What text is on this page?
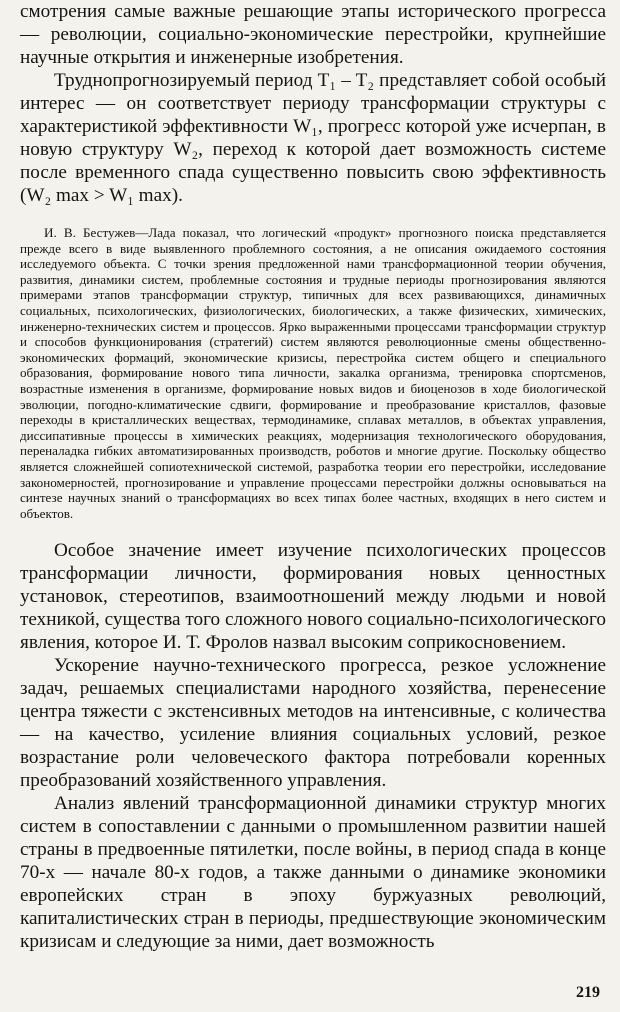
смотрения самые важные решающие этапы исторического прогресса — революции, социально-экономические перестройки, крупнейшие научные открытия и инженерные изобретения.

Труднопрогнозируемый период T₁ – T₂ представляет собой особый интерес — он соответствует периоду трансформации структуры с характеристикой эффективности W₁, прогресс которой уже исчерпан, в новую структуру W₂, переход к которой дает возможность системе после временного спада существенно повысить свою эффективность (W₂ max > W₁ max).

И. В. Бестужев—Лада показал, что логический «продукт» прогнозного поиска представляется прежде всего в виде выявленного проблемного состояния, а не описания ожидаемого состояния исследуемого объекта. С точки зрения предложенной нами трансформационной теории обучения, развития, динамики систем, проблемные состояния и трудные периоды прогнозирования являются примерами этапов трансформации структур, типичных для всех развивающихся, динамичных социальных, психологических, физиологических, биологических, а также физических, химических, инженерно-технических систем и процессов. Ярко выраженными процессами трансформации структур и способов функционирования (стратегий) систем являются революционные смены общественно-экономических формаций, экономические кризисы, перестройка систем общего и специального образования, формирование нового типа личности, закалка организма, тренировка спортсменов, возрастные изменения в организме, формирование новых видов и биоценозов в ходе биологической эволюции, погодно-климатические сдвиги, формирование и преобразование кристаллов, фазовые переходы в кристаллических веществах, термодинамике, сплавах металлов, в объектах управления, диссипативные процессы в химических реакциях, модернизация технологического оборудования, переналадка гибких автоматизированных производств, роботов и многие другие. Поскольку общество является сложнейшей сопиотехнической системой, разработка теории его перестройки, исследование закономерностей, прогнозирование и управление процессами перестройки должны основываться на синтезе научных знаний о трансформациях во всех типах более частных, входящих в него систем и объектов.

Особое значение имеет изучение психологических процессов трансформации личности, формирования новых ценностных установок, стереотипов, взаимоотношений между людьми и новой техникой, существа того сложного нового социально-психологического явления, которое И. Т. Фролов назвал высоким соприкосновением.

Ускорение научно-технического прогресса, резкое усложнение задач, решаемых специалистами народного хозяйства, перенесение центра тяжести с экстенсивных методов на интенсивные, с количества — на качество, усиление влияния социальных условий, резкое возрастание роли человеческого фактора потребовали коренных преобразований хозяйственного управления.

Анализ явлений трансформационной динамики структур многих систем в сопоставлении с данными о промышленном развитии нашей страны в предвоенные пятилетки, после войны, в период спада в конце 70-х — начале 80-х годов, а также данными о динамике экономики европейских стран в эпоху буржуазных революций, капиталистических стран в периоды, предшествующие экономическим кризисам и следующие за ними, дает возможность

219
